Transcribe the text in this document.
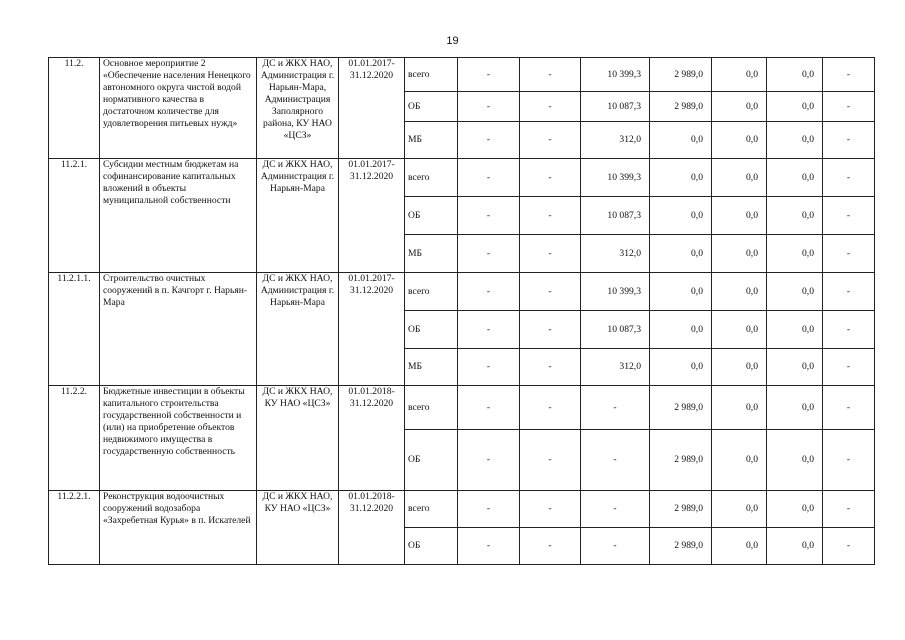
19
11.2.	Основное мероприятие 2 «Обеспечение населения Ненецкого автономного округа чистой водой нормативного качества в достаточном количестве для удовлетворения питьевых нужд»	ДС и ЖКХ НАО, Администрация г. Нарьян-Мара, Администрация Заполярного района, КУ НАО «ЦСЗ»	01.01.2017-31.12.2020	всего	-	-	10 399,3	2 989,0	0,0	0,0	-
				ОБ	-	-	10 087,3	2 989,0	0,0	0,0	-
				МБ	-	-	312,0	0,0	0,0	0,0	-
11.2.1.	Субсидии местным бюджетам на софинансирование капитальных вложений в объекты муниципальной собственности	ДС и ЖКХ НАО, Администрация г. Нарьян-Мара	01.01.2017-31.12.2020	всего	-	-	10 399,3	0,0	0,0	0,0	-
				ОБ	-	-	10 087,3	0,0	0,0	0,0	-
				МБ	-	-	312,0	0,0	0,0	0,0	-
11.2.1.1.	Строительство очистных сооружений в п. Качгорт г. Нарьян-Мара	ДС и ЖКХ НАО, Администрация г. Нарьян-Мара	01.01.2017-31.12.2020	всего	-	-	10 399,3	0,0	0,0	0,0	-
				ОБ	-	-	10 087,3	0,0	0,0	0,0	-
				МБ	-	-	312,0	0,0	0,0	0,0	-
11.2.2.	Бюджетные инвестиции в объекты капитального строительства государственной собственности и (или) на приобретение объектов недвижимого имущества в государственную собственность	ДС и ЖКХ НАО, КУ НАО «ЦСЗ»	01.01.2018-31.12.2020	всего	-	-	-	2 989,0	0,0	0,0	-
				ОБ	-	-	-	2 989,0	0,0	0,0	-
11.2.2.1.	Реконструкция водоочистных сооружений водозабора «Захребетная Курья» в п. Искателей	ДС и ЖКХ НАО, КУ НАО «ЦСЗ»	01.01.2018-31.12.2020	всего	-	-	-	2 989,0	0,0	0,0	-
				ОБ	-	-	-	2 989,0	0,0	0,0	-
